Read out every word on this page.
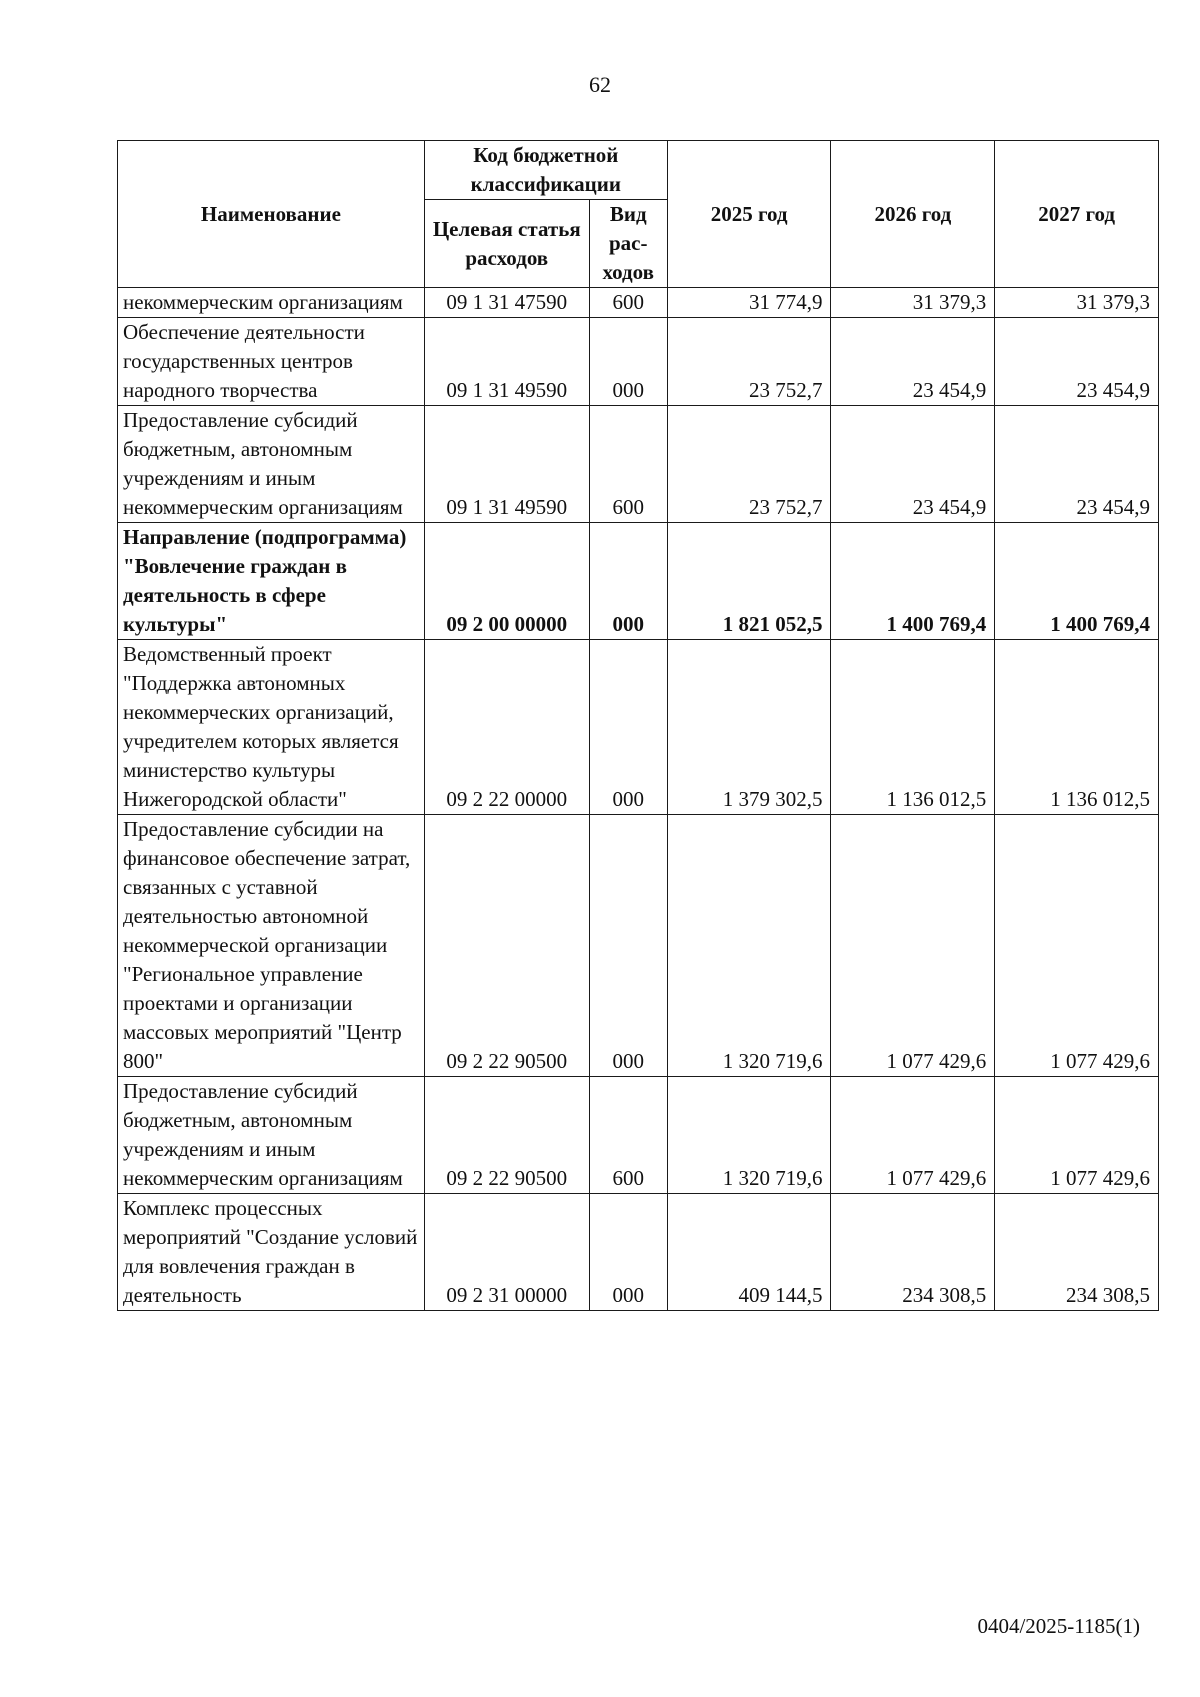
62
Наименование	Код бюджетной классификации		2025 год	2026 год	2027 год
	Целевая статья расходов	Вид рас-ходов			
некоммерческим организациям	09 1 31 47590	600	31 774,9	31 379,3	31 379,3
Обеспечение деятельности государственных центров народного творчества	09 1 31 49590	000	23 752,7	23 454,9	23 454,9
Предоставление субсидий бюджетным, автономным учреждениям и иным некоммерческим организациям	09 1 31 49590	600	23 752,7	23 454,9	23 454,9
Направление (подпрограмма) "Вовлечение граждан в деятельность в сфере культуры"	09 2 00 00000	000	1 821 052,5	1 400 769,4	1 400 769,4
Ведомственный проект "Поддержка автономных некоммерческих организаций, учредителем которых является министерство культуры Нижегородской области"	09 2 22 00000	000	1 379 302,5	1 136 012,5	1 136 012,5
Предоставление субсидии на финансовое обеспечение затрат, связанных с уставной деятельностью автономной некоммерческой организации "Региональное управление проектами и организации массовых мероприятий "Центр 800"	09 2 22 90500	000	1 320 719,6	1 077 429,6	1 077 429,6
Предоставление субсидий бюджетным, автономным учреждениям и иным некоммерческим организациям	09 2 22 90500	600	1 320 719,6	1 077 429,6	1 077 429,6
Комплекс процессных мероприятий "Создание условий для вовлечения граждан в деятельность	09 2 31 00000	000	409 144,5	234 308,5	234 308,5
0404/2025-1185(1)
